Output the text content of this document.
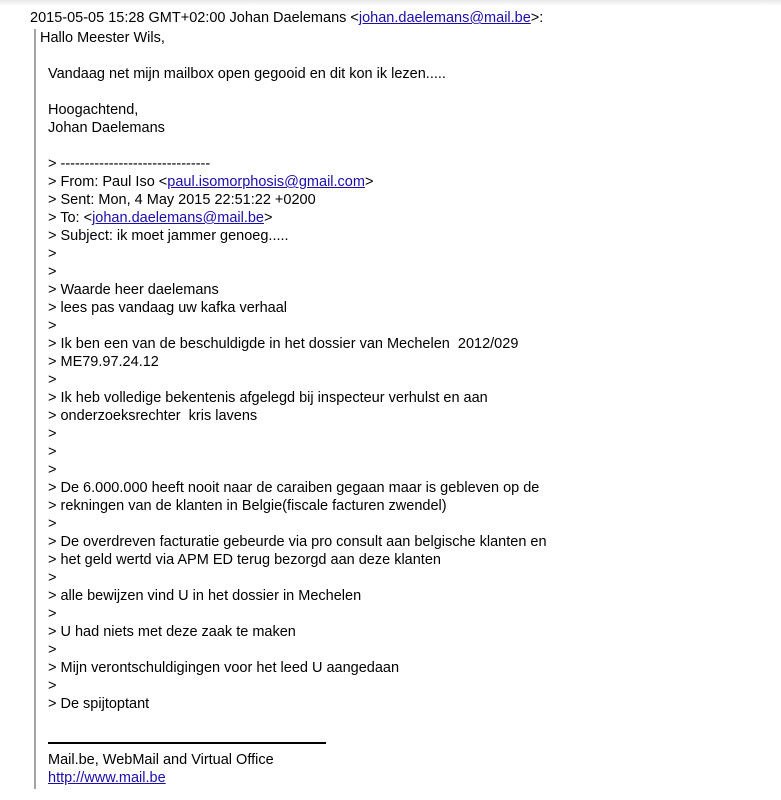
2015-05-05 15:28 GMT+02:00 Johan Daelemans <johan.daelemans@mail.be>:
Hallo Meester Wils,
Vandaag net mijn mailbox open gegooid en dit kon ik lezen.....
Hoogachtend,
Johan Daelemans
> -------------------------------
> From: Paul Iso <paul.isomorphosis@gmail.com>
> Sent: Mon, 4 May 2015 22:51:22 +0200
> To: <johan.daelemans@mail.be>
> Subject: ik moet jammer genoeg.....
>
>
> Waarde heer daelemans
> lees pas vandaag uw kafka verhaal
>
> Ik ben een van de beschuldigde in het dossier van Mechelen  2012/029
> ME79.97.24.12
>
> Ik heb volledige bekentenis afgelegd bij inspecteur verhulst en aan
> onderzoeksrechter  kris lavens
>
>
>
> De 6.000.000 heeft nooit naar de caraiben gegaan maar is gebleven op de
> rekningen van de klanten in Belgie(fiscale facturen zwendel)
>
> De overdreven facturatie gebeurde via pro consult aan belgische klanten en
> het geld wertd via APM ED terug bezorgd aan deze klanten
>
> alle bewijzen vind U in het dossier in Mechelen
>
> U had niets met deze zaak te maken
>
> Mijn verontschuldigingen voor het leed U aangedaan
>
> De spijtoptant
Mail.be, WebMail and Virtual Office
http://www.mail.be
